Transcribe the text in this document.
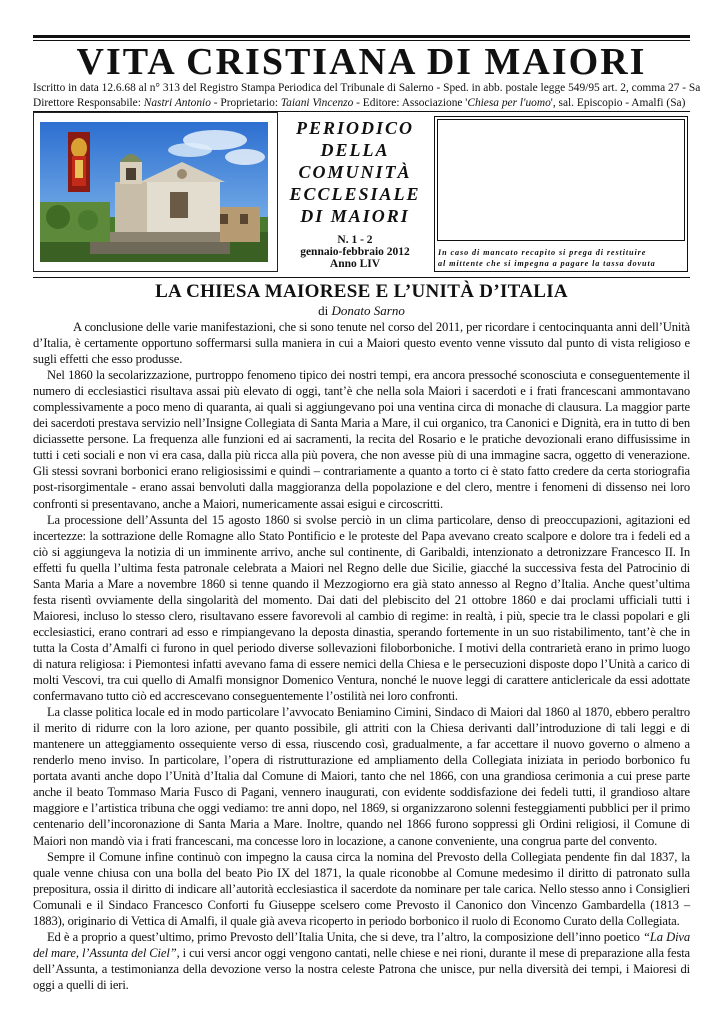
VITA CRISTIANA DI MAIORI
Iscritto in data 12.6.68 al n° 313 del Registro Stampa Periodica del Tribunale di Salerno - Sped. in abb. postale legge 549/95 art. 2, comma 27 - Sa
Direttore Responsabile: Nastri Antonio - Proprietario: Taiani Vincenzo - Editore: Associazione 'Chiesa per l'uomo', sal. Episcopio - Amalfi (Sa)
PERIODICO
DELLA
COMUNITÀ
ECCLESIALE
DI MAIORI
N. 1 - 2
gennaio-febbraio 2012
Anno LIV
In caso di mancato recapito si prega di restituire
al mittente che si impegna a pagare la tassa dovuta
LA CHIESA MAIORESE E L’UNITÀ D’ITALIA
di Donato Sarno

A conclusione delle varie manifestazioni, che si sono tenute nel corso del 2011, per ricordare i centocinquanta anni dell’Unità d’Italia, è certamente opportuno soffermarsi sulla maniera in cui a Maiori questo evento venne vissuto dal punto di vista religioso e sugli effetti che esso produsse.

Nel 1860 la secolarizzazione, purtroppo fenomeno tipico dei nostri tempi, era ancora pressoché sconosciuta e conseguentemente il numero di ecclesiastici risultava assai più elevato di oggi, tant’è che nella sola Maiori i sacerdoti e i frati francescani ammontavano complessivamente a poco meno di quaranta, ai quali si aggiungevano poi una ventina circa di monache di clausura. La maggior parte dei sacerdoti prestava servizio nell’Insigne Collegiata di Santa Maria a Mare, il cui organico, tra Canonici e Dignità, era in tutto di ben diciassette persone. La frequenza alle funzioni ed ai sacramenti, la recita del Rosario e le pratiche devozionali erano diffusissime in tutti i ceti sociali e non vi era casa, dalla più ricca alla più povera, che non avesse più di una immagine sacra, oggetto di venerazione. Gli stessi sovrani borbonici erano religiosissimi e quindi – contrariamente a quanto a torto ci è stato fatto credere da certa storiografia post-risorgimentale - erano assai benvoluti dalla maggioranza della popolazione e del clero, mentre i fenomeni di dissenso nei loro confronti si presentavano, anche a Maiori, numericamente assai esigui e circoscritti.

La processione dell’Assunta del 15 agosto 1860 si svolse perciò in un clima particolare, denso di preoccupazioni, agitazioni ed incertezze: la sottrazione delle Romagne allo Stato Pontificio e le proteste del Papa avevano creato scalpore e dolore tra i fedeli ed a ciò si aggiungeva la notizia di un imminente arrivo, anche sul continente, di Garibaldi, intenzionato a detronizzare Francesco II. In effetti fu quella l’ultima festa patronale celebrata a Maiori nel Regno delle due Sicilie, giacché la successiva festa del Patrocinio di Santa Maria a Mare a novembre 1860 si tenne quando il Mezzogiorno era già stato annesso al Regno d’Italia. Anche quest’ultima festa risentì ovviamente della singolarità del momento. Dai dati del plebiscito del 21 ottobre 1860 e dai proclami ufficiali tutti i Maioresi, incluso lo stesso clero, risultavano essere favorevoli al cambio di regime: in realtà, i più, specie tra le classi popolari e gli ecclesiastici, erano contrari ad esso e rimpiangevano la deposta dinastia, sperando fortemente in un suo ristabilimento, tant’è che in tutta la Costa d’Amalfi ci furono in quel periodo diverse sollevazioni filoborboniche. I motivi della contrarietà erano in primo luogo di natura religiosa: i Piemontesi infatti avevano fama di essere nemici della Chiesa e le persecuzioni disposte dopo l’Unità a carico di molti Vescovi, tra cui quello di Amalfi monsignor Domenico Ventura, nonché le nuove leggi di carattere anticlericale da essi adottate confermavano tutto ciò ed accrescevano conseguentemente l’ostilità nei loro confronti.

La classe politica locale ed in modo particolare l’avvocato Beniamino Cimini, Sindaco di Maiori dal 1860 al 1870, ebbero peraltro il merito di ridurre con la loro azione, per quanto possibile, gli attriti con la Chiesa derivanti dall’introduzione di tali leggi e di mantenere un atteggiamento ossequiente verso di essa, riuscendo così, gradualmente, a far accettare il nuovo governo o almeno a renderlo meno inviso. In particolare, l’opera di ristrutturazione ed ampliamento della Collegiata iniziata in periodo borbonico fu portata avanti anche dopo l’Unità d’Italia dal Comune di Maiori, tanto che nel 1866, con una grandiosa cerimonia a cui prese parte anche il beato Tommaso Maria Fusco di Pagani, vennero inaugurati, con evidente soddisfazione dei fedeli tutti, il grandioso altare maggiore e l’artistica tribuna che oggi vediamo: tre anni dopo, nel 1869, si organizzarono solenni festeggiamenti pubblici per il primo centenario dell’incoronazione di Santa Maria a Mare. Inoltre, quando nel 1866 furono soppressi gli Ordini religiosi, il Comune di Maiori non mandò via i frati francescani, ma concesse loro in locazione, a canone conveniente, una congrua parte del convento.

Sempre il Comune infine continuò con impegno la causa circa la nomina del Prevosto della Collegiata pendente fin dal 1837, la quale venne chiusa con una bolla del beato Pio IX del 1871, la quale riconobbe al Comune medesimo il diritto di patronato sulla prepositura, ossia il diritto di indicare all’autorità ecclesiastica il sacerdote da nominare per tale carica. Nello stesso anno i Consiglieri Comunali e il Sindaco Francesco Conforti fu Giuseppe scelsero come Prevosto il Canonico don Vincenzo Gambardella (1813 – 1883), originario di Vettica di Amalfi, il quale già aveva ricoperto in periodo borbonico il ruolo di Economo Curato della Collegiata.

Ed è a proprio a quest’ultimo, primo Prevosto dell’Italia Unita, che si deve, tra l’altro, la composizione dell’inno poetico “La Diva del mare, l’Assunta del Ciel”, i cui versi ancor oggi vengono cantati, nelle chiese e nei rioni, durante il mese di preparazione alla festa dell’Assunta, a testimonianza della devozione verso la nostra celeste Patrona che unisce, pur nella diversità dei tempi, i Maioresi di oggi a quelli di ieri.
